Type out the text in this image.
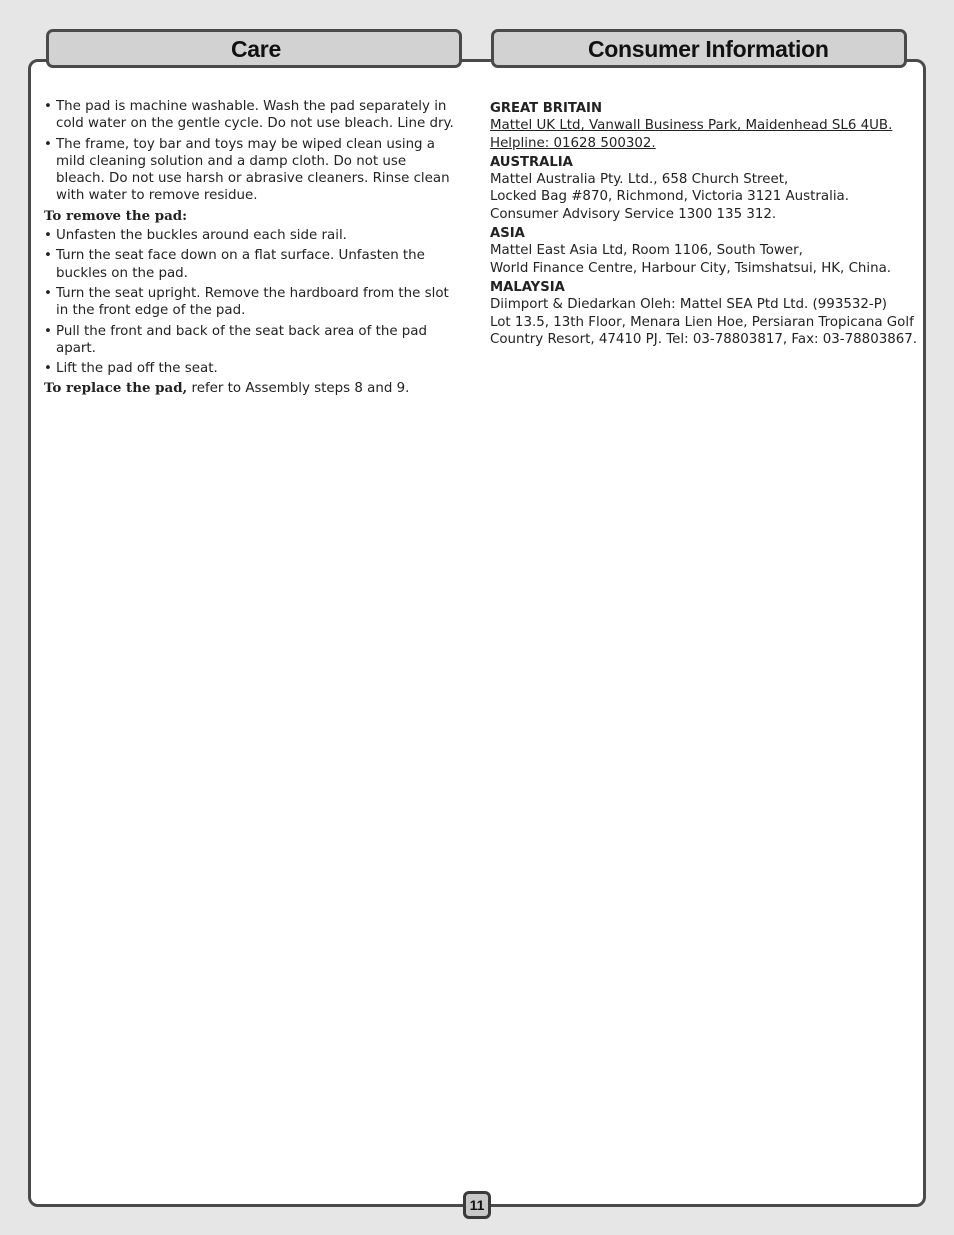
Care	Consumer Information
• The pad is machine washable. Wash the pad separately in cold water on the gentle cycle. Do not use bleach. Line dry.
• The frame, toy bar and toys may be wiped clean using a mild cleaning solution and a damp cloth. Do not use bleach. Do not use harsh or abrasive cleaners. Rinse clean with water to remove residue.
To remove the pad:
• Unfasten the buckles around each side rail.
• Turn the seat face down on a flat surface. Unfasten the buckles on the pad.
• Turn the seat upright. Remove the hardboard from the slot in the front edge of the pad.
• Pull the front and back of the seat back area of the pad apart.
• Lift the pad off the seat.
To replace the pad, refer to Assembly steps 8 and 9.
GREAT BRITAIN
Mattel UK Ltd, Vanwall Business Park, Maidenhead SL6 4UB.
Helpline: 01628 500302.
AUSTRALIA
Mattel Australia Pty. Ltd., 658 Church Street,
Locked Bag #870, Richmond, Victoria 3121 Australia.
Consumer Advisory Service 1300 135 312.
ASIA
Mattel East Asia Ltd, Room 1106, South Tower,
World Finance Centre, Harbour City, Tsimshatsui, HK, China.
MALAYSIA
Diimport & Diedarkan Oleh: Mattel SEA Ptd Ltd. (993532-P)
Lot 13.5, 13th Floor, Menara Lien Hoe, Persiaran Tropicana Golf
Country Resort, 47410 PJ. Tel: 03-78803817, Fax: 03-78803867.
11
